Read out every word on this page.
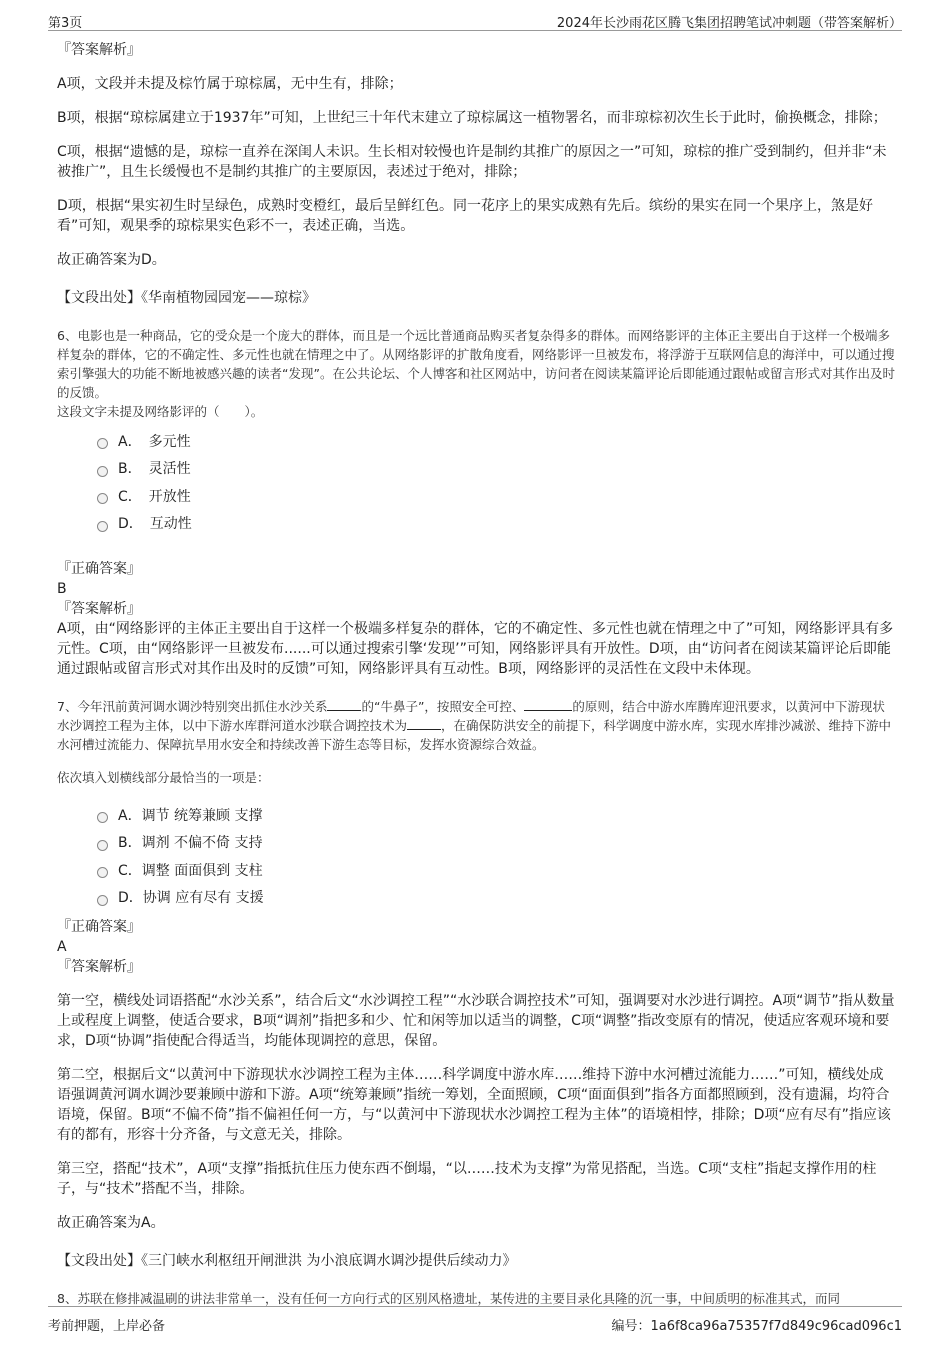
第3页	2024年长沙雨花区腾飞集团招聘笔试冲刺题（带答案解析）

『答案解析』

A项，文段并未提及棕竹属于琼棕属，无中生有，排除；

B项，根据“琼棕属建立于1937年”可知，上世纪三十年代末建立了琼棕属这一植物署名，而非琼棕初次生长于此时，偷换概念，排除；

C项，根据“遗憾的是，琼棕一直养在深闺人未识。生长相对较慢也许是制约其推广的原因之一”可知，琼棕的推广受到制约，但并非“未被推广”，且生长缓慢也不是制约其推广的主要原因，表述过于绝对，排除；

D项，根据“果实初生时呈绿色，成熟时变橙红，最后呈鲜红色。同一花序上的果实成熟有先后。缤纷的果实在同一个果序上，煞是好看”可知，观果季的琼棕果实色彩不一，表述正确，当选。

故正确答案为D。

【文段出处】《华南植物园园宠——琼棕》

6、电影也是一种商品，它的受众是一个庞大的群体，而且是一个远比普通商品购买者复杂得多的群体。而网络影评的主体正主要出自于这样一个极端多样复杂的群体，它的不确定性、多元性也就在情理之中了。从网络影评的扩散角度看，网络影评一旦被发布，将浮游于互联网信息的海洋中，可以通过搜索引擎强大的功能不断地被感兴趣的读者“发现”。在公共论坛、个人博客和社区网站中，访问者在阅读某篇评论后即能通过跟帖或留言形式对其作出及时的反馈。

这段文字未提及网络影评的（　　）。

A．　多元性
B．　灵活性
C．　开放性
D．　互动性

『正确答案』

B

『答案解析』

A项，由“网络影评的主体正主要出自于这样一个极端多样复杂的群体，它的不确定性、多元性也就在情理之中了”可知，网络影评具有多元性。C项，由“网络影评一旦被发布......可以通过搜索引擎‘发现’”可知，网络影评具有开放性。D项，由“访问者在阅读某篇评论后即能通过跟帖或留言形式对其作出及时的反馈”可知，网络影评具有互动性。B项，网络影评的灵活性在文段中未体现。

7、今年汛前黄河调水调沙特别突出抓住水沙关系	的“牛鼻子”，按照安全可控、	的原则，结合中游水库腾库迎汛要求，以黄河中下游现状水沙调控工程为主体，以中下游水库群河道水沙联合调控技术为	，在确保防洪安全的前提下，科学调度中游水库，实现水库排沙减淤、维持下游中水河槽过流能力、保障抗旱用水安全和持续改善下游生态等目标，发挥水资源综合效益。

依次填入划横线部分最恰当的一项是：

A．调节 统筹兼顾 支撑
B．调剂 不偏不倚 支持
C．调整 面面俱到 支柱
D．协调 应有尽有 支援

『正确答案』

A

『答案解析』

第一空，横线处词语搭配“水沙关系”，结合后文“水沙调控工程”“水沙联合调控技术”可知，强调要对水沙进行调控。A项“调节”指从数量上或程度上调整，使适合要求，B项“调剂”指把多和少、忙和闲等加以适当的调整，C项“调整”指改变原有的情况，使适应客观环境和要求，D项“协调”指使配合得适当，均能体现调控的意思，保留。

第二空，根据后文“以黄河中下游现状水沙调控工程为主体……科学调度中游水库……维持下游中水河槽过流能力……”可知，横线处成语强调黄河调水调沙要兼顾中游和下游。A项“统筹兼顾”指统一筹划，全面照顾，C项“面面俱到”指各方面都照顾到，没有遗漏，均符合语境，保留。B项“不偏不倚”指不偏袒任何一方，与“以黄河中下游现状水沙调控工程为主体”的语境相悖，排除；D项“应有尽有”指应该有的都有，形容十分齐备，与文意无关，排除。

第三空，搭配“技术”，A项“支撑”指抵抗住压力使东西不倒塌，“以……技术为支撑”为常见搭配，当选。C项“支柱”指起支撑作用的柱子，与“技术”搭配不当，排除。

故正确答案为A。

【文段出处】《三门峡水利枢纽开闸泄洪 为小浪底调水调沙提供后续动力》

8、苏联在修排减温刷的讲法非常单一，没有任何一方向行式的区别风格遗址，某传进的主要目录化具隆的沉一事，中间质明的标准其式，而同

考前押题，上岸必备	编号：1a6f8ca96a75357f7d849c96cad096c1
